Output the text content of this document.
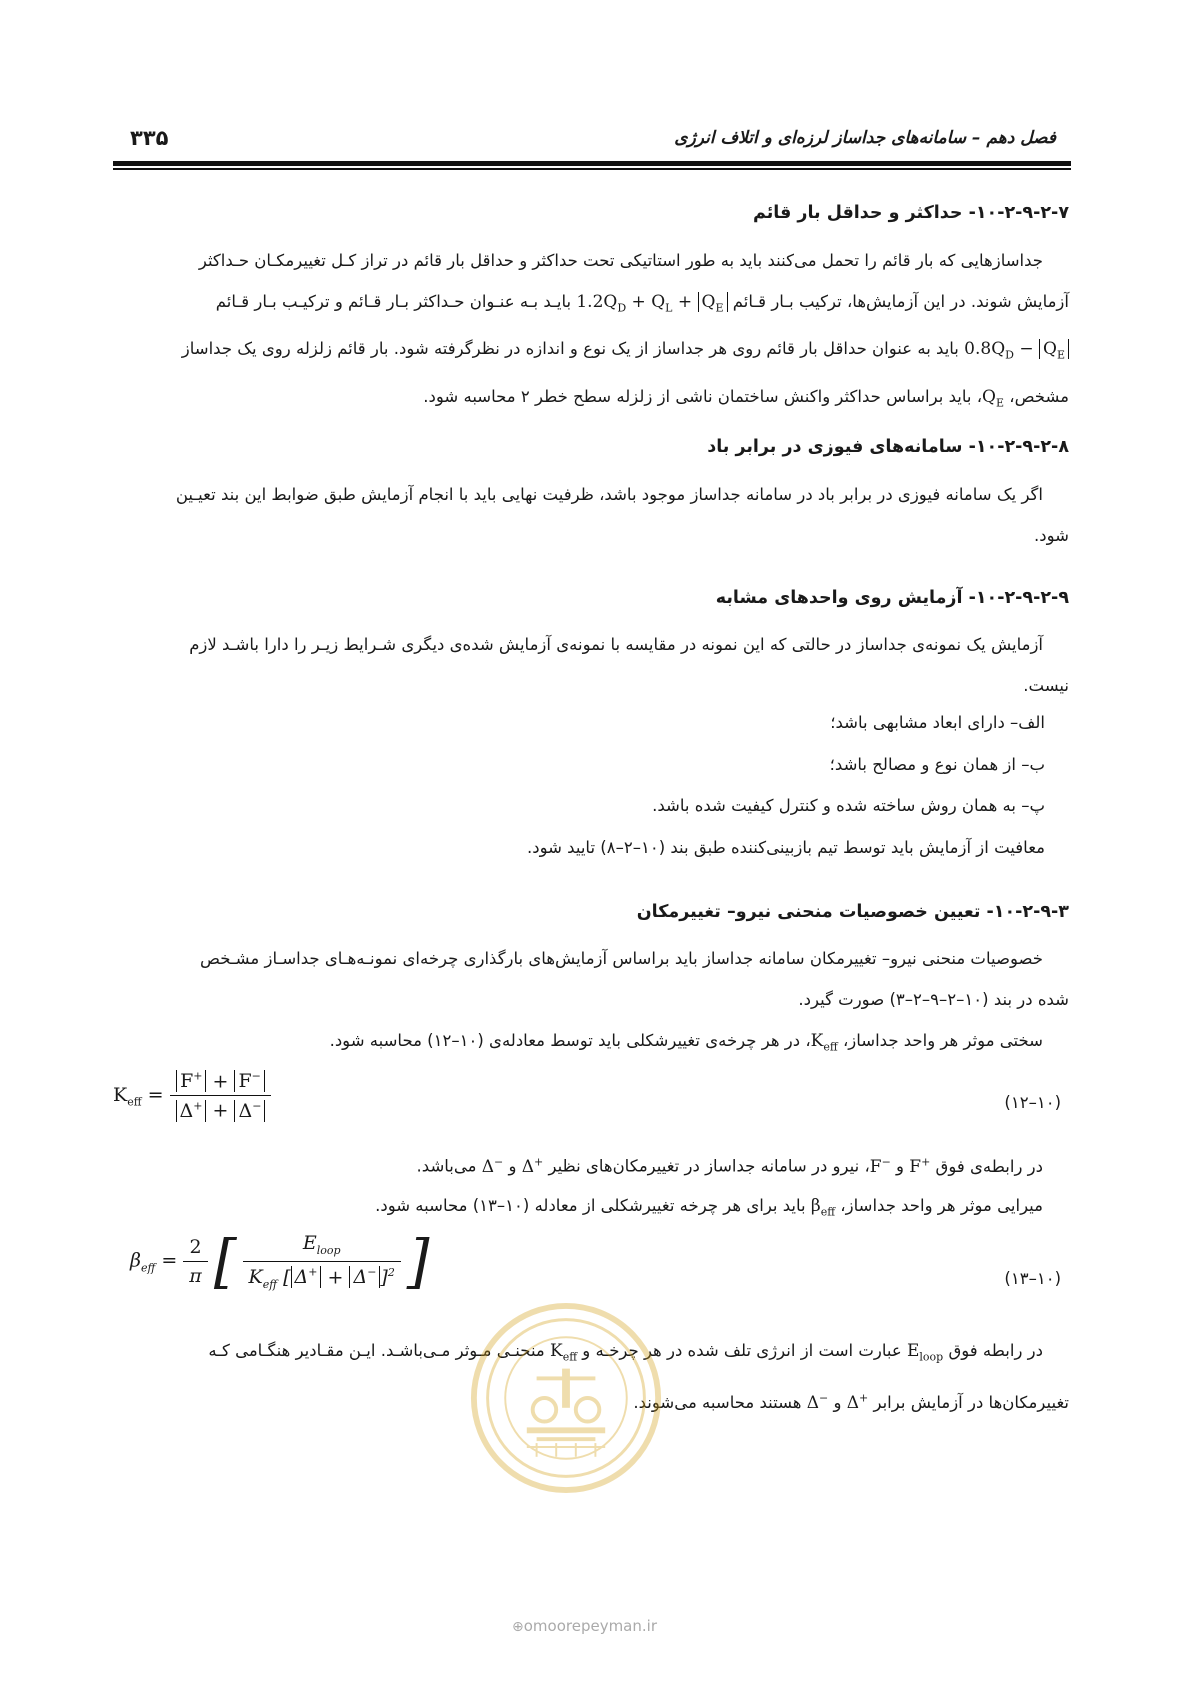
فصل دهم – سامانه‌های جداساز لرزه‌ای و اتلاف انرژی
۳۳۵
۱۰-۲-۹-۲-۷- حداکثر و حداقل بار قائم
جداسازهایی که بار قائم را تحمل می‌کنند باید به طور استاتیکی تحت حداکثر و حداقل بار قائم در تراز کـل تغییرمکـان حـداکثر
آزمایش شوند. در این آزمایش‌ها، ترکیب بـار قـائم $1.2Q_D + Q_L + Q_E$ بایـد بـه عنـوان حـداکثر بـار قـائم و ترکیـب بـار قـائم
$0.8Q_D - Q_E$ باید به عنوان حداقل بار قائم روی هر جداساز از یک نوع و اندازه در نظرگرفته شود. بار قائم زلزله روی یک جداساز
مشخص، $Q_E،$ باید براساس حداکثر واکنش ساختمان ناشی از زلزله سطح خطر ۲ محاسبه شود.
۱۰-۲-۹-۲-۸- سامانه‌های فیوزی در برابر باد
اگر یک سامانه فیوزی در برابر باد در سامانه جداساز موجود باشد، ظرفیت نهایی باید با انجام آزمایش طبق ضوابط این بند تعیـین
شود.
۱۰-۲-۹-۲-۹- آزمایش روی واحدهای مشابه
آزمایش یک نمونه‌ی جداساز در حالتی که این نمونه در مقایسه با نمونه‌ی آزمایش شده‌ی دیگری شـرایط زیـر را دارا باشـد لازم
نیست.
الف– دارای ابعاد مشابهی باشد؛
ب– از همان نوع و مصالح باشد؛
پ– به همان روش ساخته شده و کنترل کیفیت شده باشد.
معافیت از آزمایش باید توسط تیم بازبینی‌کننده طبق بند (۱۰–۲–۸) تایید شود.
۱۰-۲-۹-۳- تعیین خصوصیات منحنی نیرو– تغییرمکان
خصوصیات منحنی نیرو– تغییرمکان سامانه جداساز باید براساس آزمایش‌های بارگذاری چرخه‌ای نمونـه‌هـای جداسـاز مشـخص
شده در بند (۱۰–۲–۹–۲–۳) صورت گیرد.
سختی موثر هر واحد جداساز، $K_{eff}،$ در هر چرخه‌ی تغییرشکلی باید توسط معادله‌ی (۱۰–۱۲) محاسبه شود.
$K_{eff} = \frac{F^+ + F^-}{\Delta^+ + \Delta^-}$	(۱۰–۱۲)
در رابطه‌ی فوق F+ و F−، نیرو در سامانه جداساز در تغییرمکان‌های نظیر Δ+ و Δ− می‌باشد.
میرایی موثر هر واحد جداساز، $\beta_{eff}$ باید برای هر چرخه تغییرشکلی از معادله (۱۰–۱۳) محاسبه شود.
$\beta_{eff} = \frac{2}{\pi}$ [ $\frac{E_{loop}}{K_{eff} [ \Delta^+ + \Delta^- ]^2}$ ]	(۱۰–۱۳)
در رابطه فوق $E_{loop}$ عبارت است از انرژی تلف شده در هر چرخـه و $K_{eff}$ منحنـی مـوثر مـی‌باشـد. ایـن مقـادیر هنگـامی کـه
تغییرمکان‌ها در آزمایش برابر Δ+ و Δ− هستند محاسبه می‌شوند.
⊕omoorepeyman.ir
